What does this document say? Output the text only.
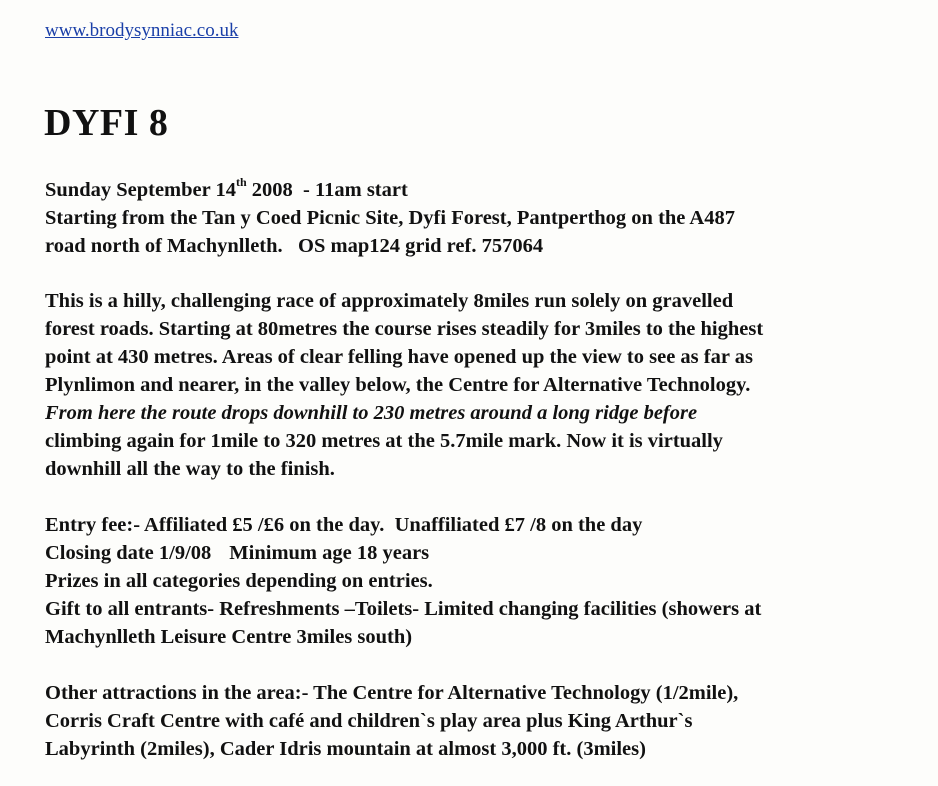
www.brodysynniac.co.uk
DYFI 8
Sunday September 14th 2008  - 11am start
Starting from the Tan y Coed Picnic Site, Dyfi Forest, Pantperthog on the A487
road north of Machynlleth.   OS map124 grid ref. 757064
This is a hilly, challenging race of approximately 8miles run solely on gravelled
forest roads. Starting at 80metres the course rises steadily for 3miles to the highest
point at 430 metres. Areas of clear felling have opened up the view to see as far as
Plynlimon and nearer, in the valley below, the Centre for Alternative Technology.
From here the route drops downhill to 230 metres around a long ridge before
climbing again for 1mile to 320 metres at the 5.7mile mark. Now it is virtually
downhill all the way to the finish.
Entry fee:- Affiliated £5 /£6 on the day.  Unaffiliated £7 /8 on the day
Closing date 1/9/08 Minimum age 18 years
Prizes in all categories depending on entries.
Gift to all entrants- Refreshments –Toilets- Limited changing facilities (showers at
Machynlleth Leisure Centre 3miles south)
Other attractions in the area:- The Centre for Alternative Technology (1/2mile),
Corris Craft Centre with café and children`s play area plus King Arthur`s
Labyrinth (2miles), Cader Idris mountain at almost 3,000 ft. (3miles)
